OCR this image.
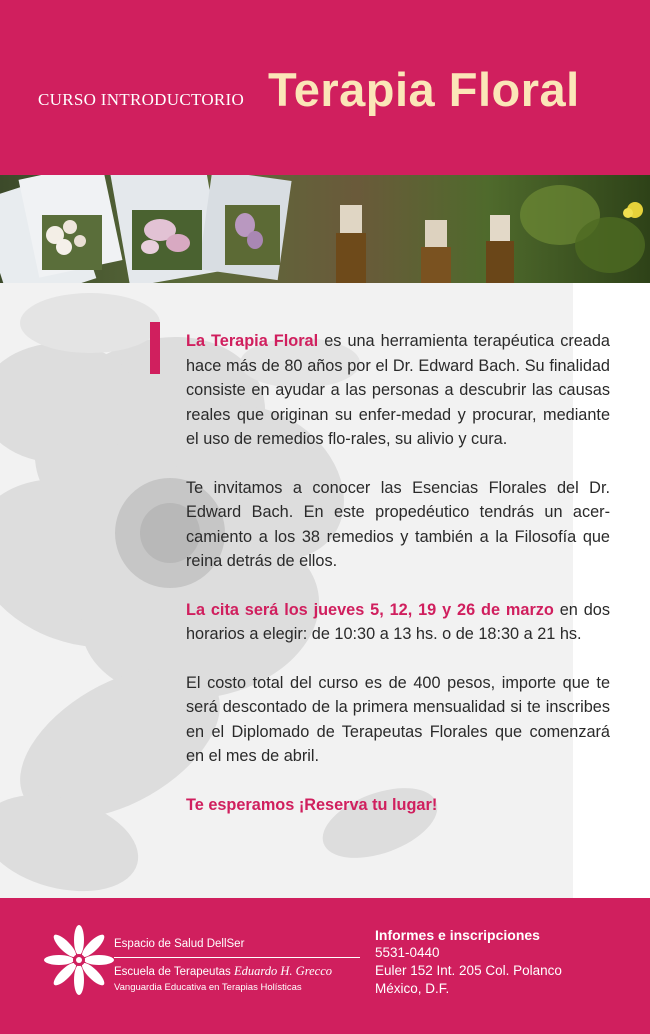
CURSO INTRODUCTORIO Terapia Floral

La Terapia Floral es una herramienta terapéutica creada hace más de 80 años por el Dr. Edward Bach. Su finalidad consiste en ayudar a las personas a descubrir las causas reales que originan su enfer-medad y procurar, mediante el uso de remedios flo-rales, su alivio y cura.

Te invitamos a conocer las Esencias Florales del Dr. Edward Bach. En este propedéutico tendrás un acer-camiento a los 38 remedios y también a la Filosofía que reina detrás de ellos.

La cita será los jueves 5, 12, 19 y 26 de marzo en dos horarios a elegir: de 10:30 a 13 hs. o de 18:30 a 21 hs.

El costo total del curso es de 400 pesos, importe que te será descontado de la primera mensualidad si te inscribes en el Diplomado de Terapeutas Florales que comenzará en el mes de abril.

Te esperamos ¡Reserva tu lugar!

Espacio de Salud DellSer
Escuela de Terapeutas Eduardo H. Grecco
Vanguardia Educativa en Terapias Holísticas
Informes e inscripciones
5531-0440
Euler 152 Int. 205 Col. Polanco
México, D.F.
